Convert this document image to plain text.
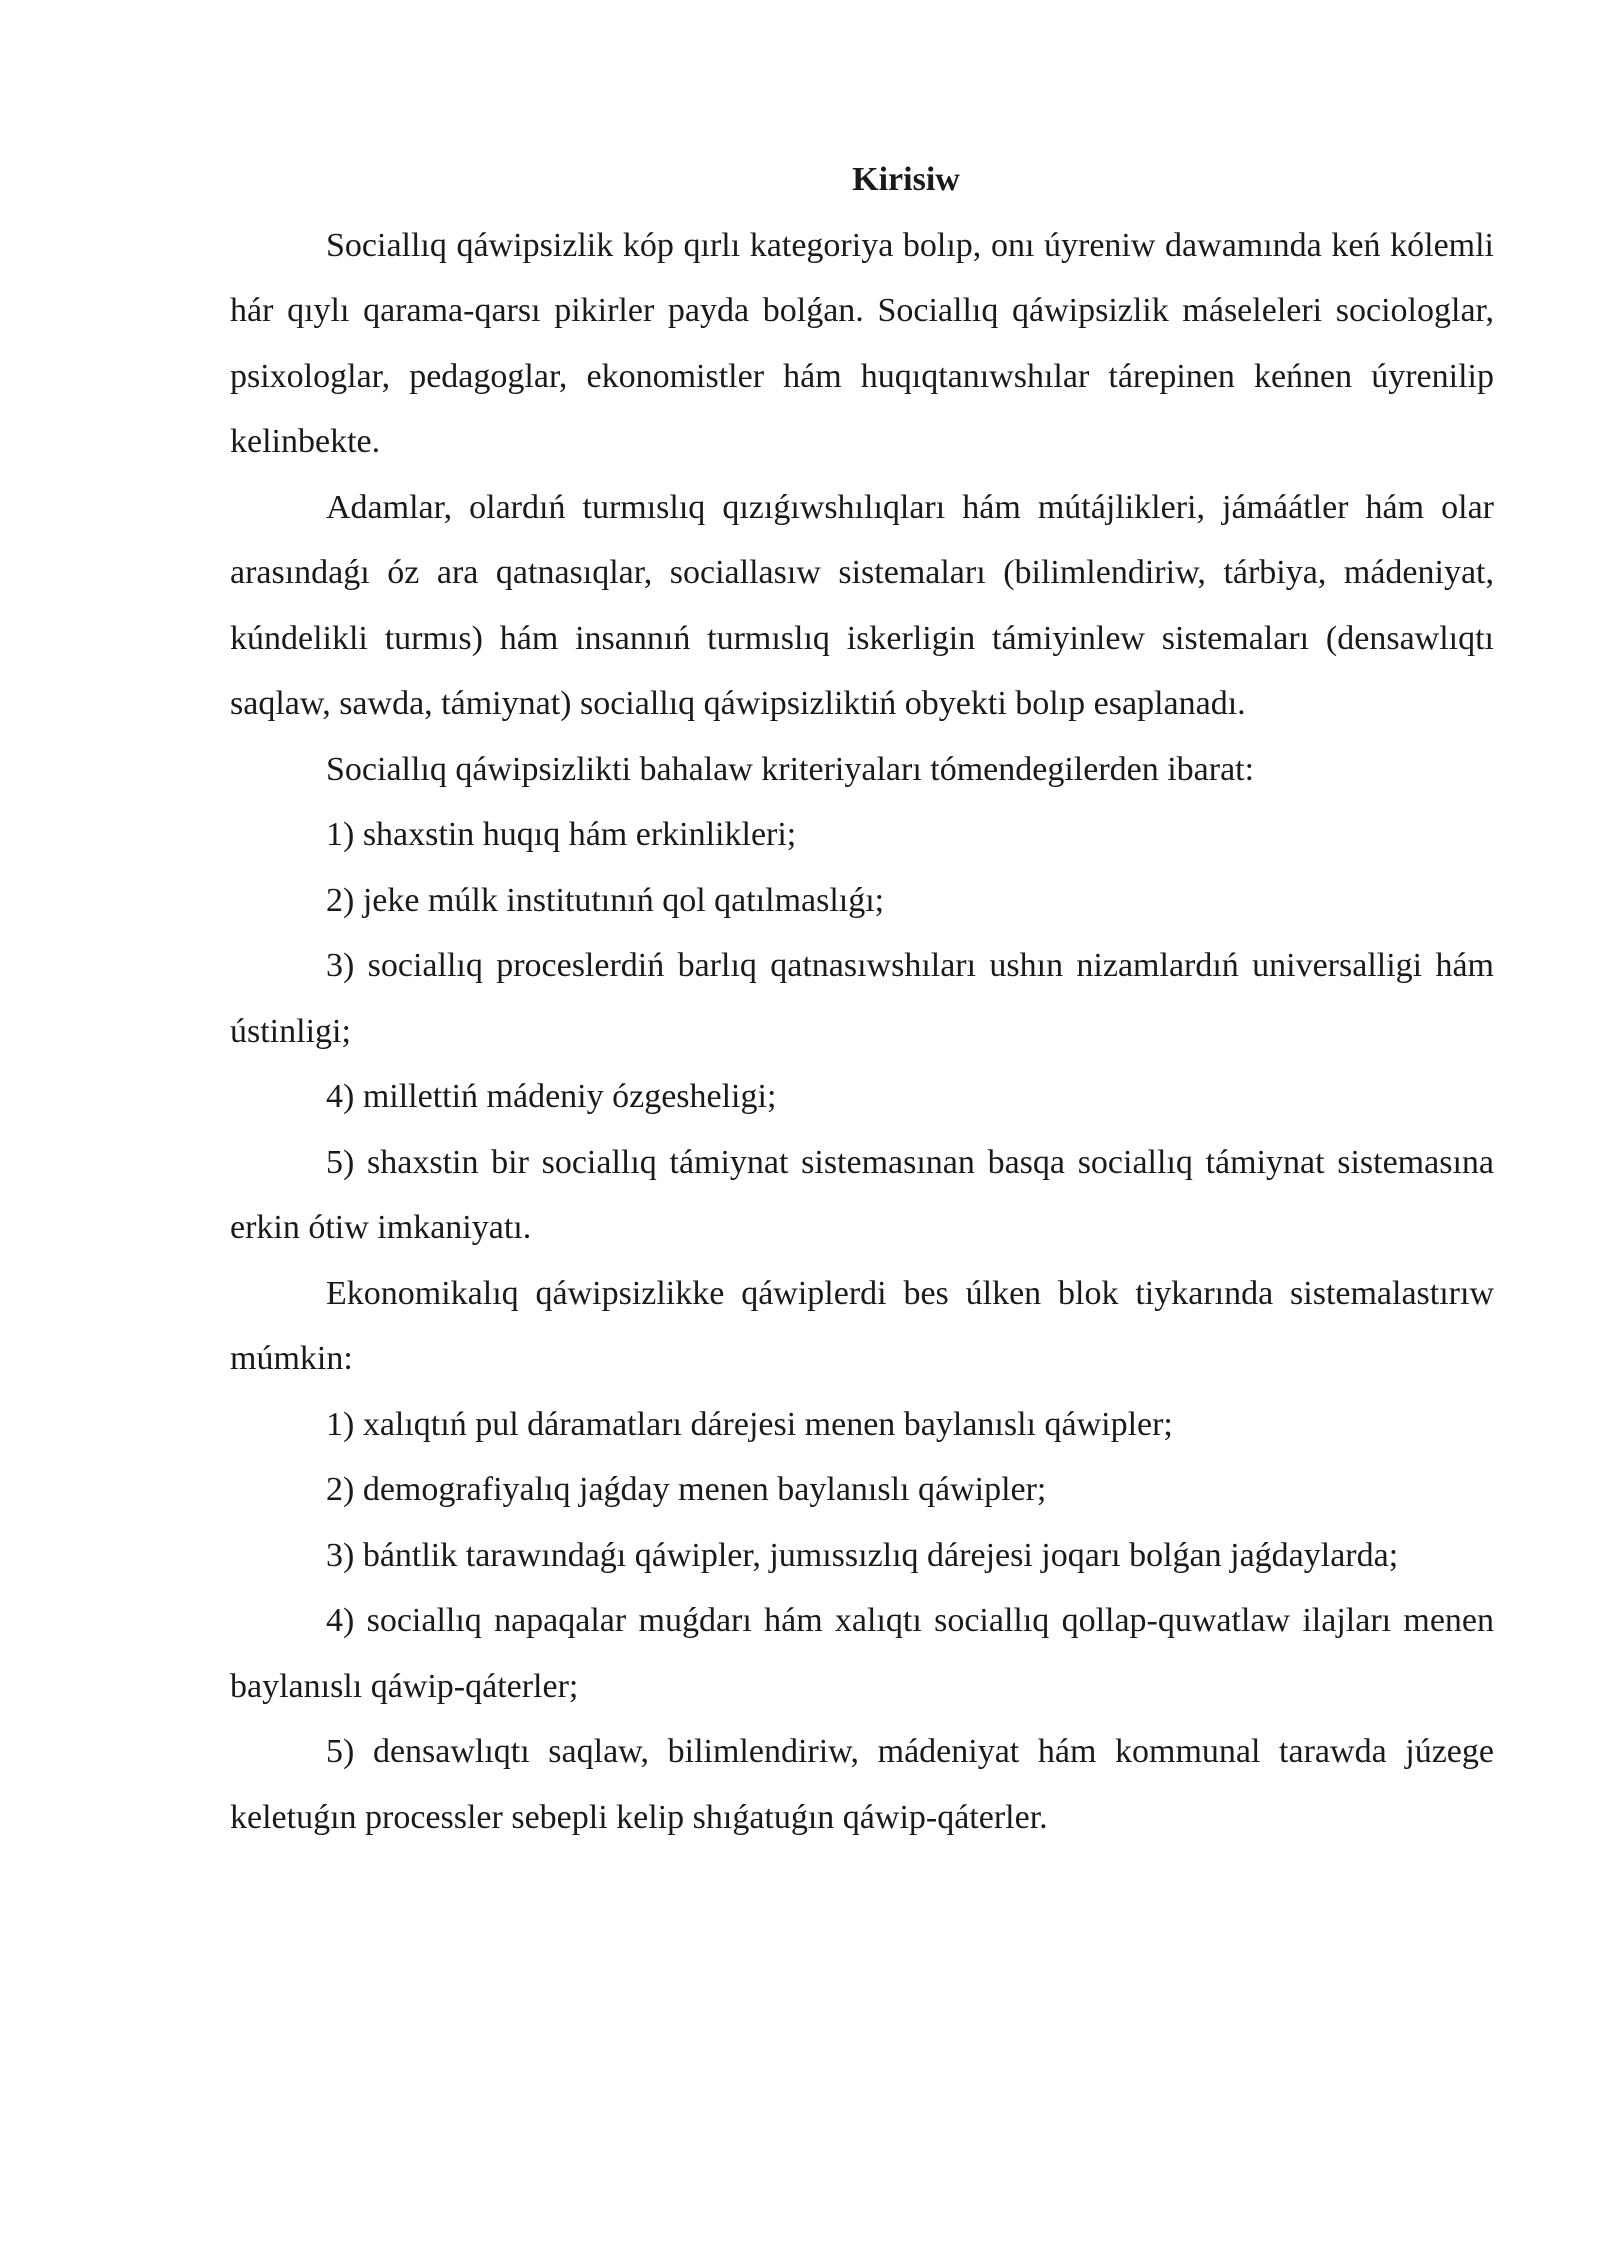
Kirisiw

Sociallıq qáwipsizlik kóp qırlı kategoriya bolıp, onı úyreniw dawamında keń kólemli hár qıylı qarama-qarsı pikirler payda bolǵan. Sociallıq qáwipsizlik máseleleri sociologlar, psixologlar, pedagoglar, ekonomistler hám huqıqtanıwshılar tárepinen keńnen úyrenilip kelinbekte.

Adamlar, olardıń turmıslıq qızıǵıwshılıqları hám mútájlikleri, jámáátler hám olar arasındaǵı óz ara qatnasıqlar, sociallasıw sistemaları (bilimlendiriw, tárbiya, mádeniyat, kúndelikli turmıs) hám insannıń turmıslıq iskerligin támiyinlew sistemaları (densawlıqtı saqlaw, sawda, támiynat) sociallıq qáwipsizliktiń obyekti bolıp esaplanadı.

Sociallıq qáwipsizlikti bahalaw kriteriyaları tómendegilerden ibarat:

1) shaxstin huqıq hám erkinlikleri;

2) jeke múlk institutınıń qol qatılmaslıǵı;

3) sociallıq proceslerdiń barlıq qatnasıwshıları ushın nizamlardıń universalligi hám ústinligi;

4) millettiń mádeniy ózgesheligi;

5) shaxstin bir sociallıq támiynat sistemasınan basqa sociallıq támiynat sistemasına erkin ótiw imkaniyatı.

Ekonomikalıq qáwipsizlikke qáwiplerdi bes úlken blok tiykarında sistemalastırıw múmkin:

1) xalıqtıń pul dáramatları dárejesi menen baylanıslı qáwipler;

2) demografiyalıq jaǵday menen baylanıslı qáwipler;

3) bántlik tarawındaǵı qáwipler, jumıssızlıq dárejesi joqarı bolǵan jaǵdaylarda;

4) sociallıq napaqalar muǵdarı hám xalıqtı sociallıq qollap-quwatlaw ilajları menen baylanıslı qáwip-qáterler;

5) densawlıqtı saqlaw, bilimlendiriw, mádeniyat hám kommunal tarawda júzege keletuǵın processler sebepli kelip shıǵatuǵın qáwip-qáterler.
